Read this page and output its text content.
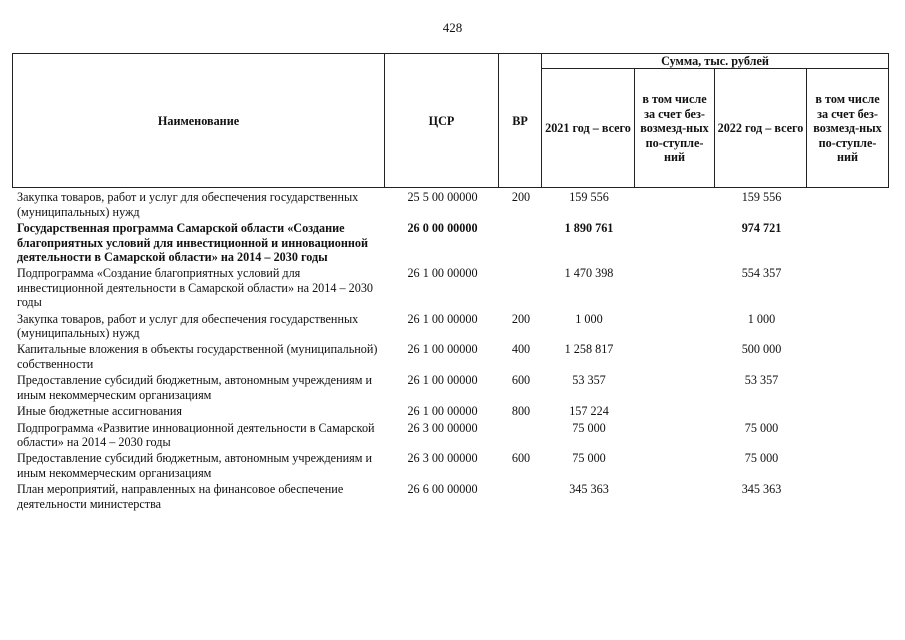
428
Наименование	ЦСР	ВР	Сумма, тыс. рублей			
			2021 год – всего	в том числе за счет без-возмезд-ных по-ступле-ний	2022 год – всего	в том числе за счет без-возмезд-ных по-ступле-ний
Закупка товаров, работ и услуг для обеспечения государственных (муниципальных) нужд	25 5 00 00000	200	159 556		159 556	
Государственная программа Самарской области «Создание благоприятных условий для инвестиционной и инновационной деятельности в Самарской области» на 2014 – 2030 годы	26 0 00 00000		1 890 761		974 721	
Подпрограмма «Создание благоприятных условий для инвестиционной деятельности в Самарской области» на 2014 – 2030 годы	26 1 00 00000		1 470 398		554 357	
Закупка товаров, работ и услуг для обеспечения государственных (муниципальных) нужд	26 1 00 00000	200	1 000		1 000	
Капитальные вложения в объекты государственной (муниципальной) собственности	26 1 00 00000	400	1 258 817		500 000	
Предоставление субсидий бюджетным, автономным учреждениям и иным некоммерческим организациям	26 1 00 00000	600	53 357		53 357	
Иные бюджетные ассигнования	26 1 00 00000	800	157 224			
Подпрограмма «Развитие инновационной деятельности в Самарской области» на 2014 – 2030 годы	26 3 00 00000		75 000		75 000	
Предоставление субсидий бюджетным, автономным учреждениям и иным некоммерческим организациям	26 3 00 00000	600	75 000		75 000	
План мероприятий, направленных на финансовое обеспечение деятельности министерства	26 6 00 00000		345 363		345 363	
